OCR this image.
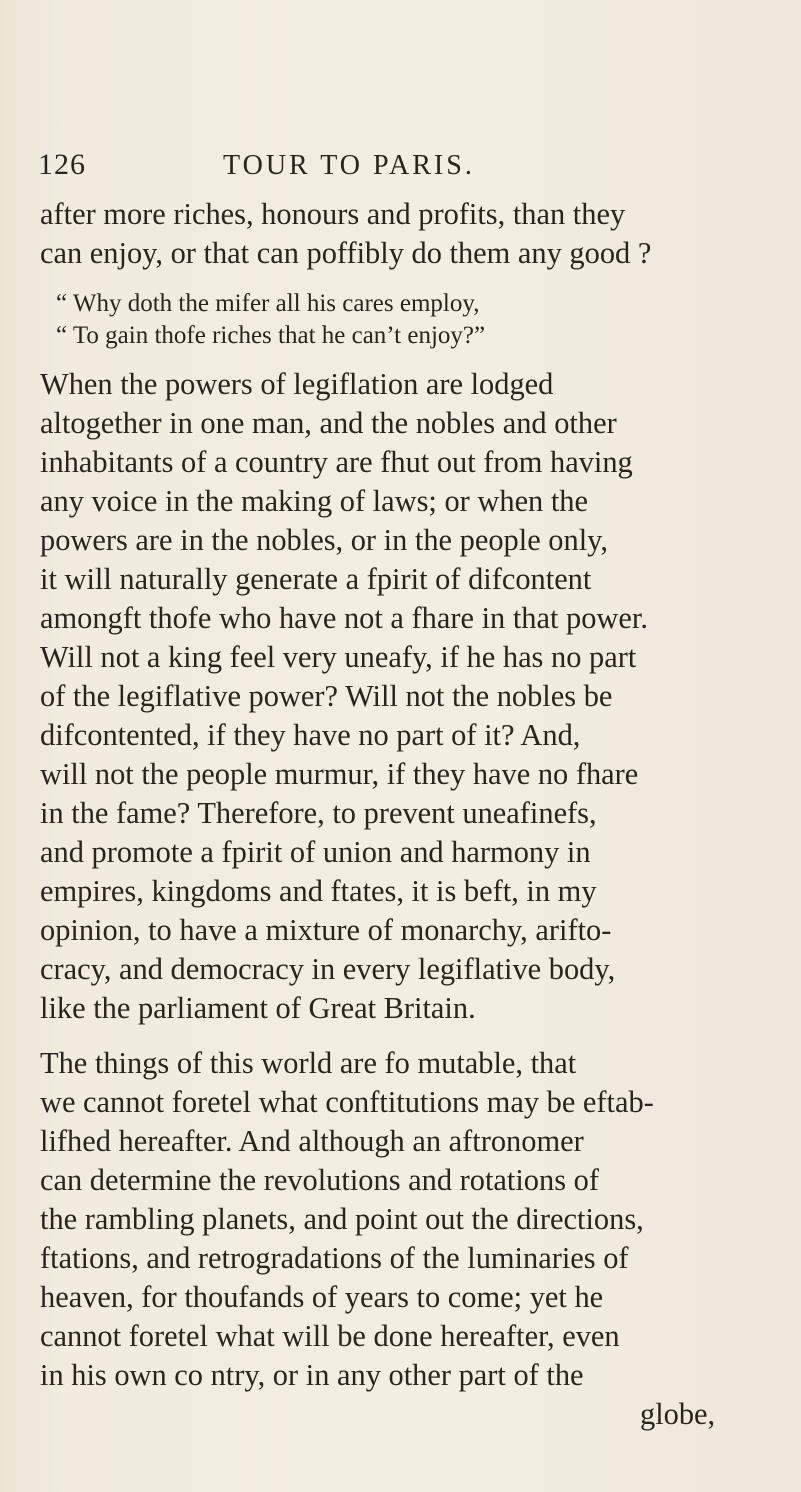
126	TOUR TO PARIS.
after more riches, honours and profits, than they
can enjoy, or that can poffibly do them any good ?
“ Why doth the mifer all his cares employ,
“ To gain thofe riches that he can’t enjoy?”
When the powers of legiflation are lodged
altogether in one man, and the nobles and other
inhabitants of a country are fhut out from having
any voice in the making of laws; or when the
powers are in the nobles, or in the people only,
it will naturally generate a fpirit of difcontent
amongft thofe who have not a fhare in that power.
Will not a king feel very uneafy, if he has no part
of the legiflative power? Will not the nobles be
difcontented, if they have no part of it? And,
will not the people murmur, if they have no fhare
in the fame? Therefore, to prevent uneafinefs,
and promote a fpirit of union and harmony in
empires, kingdoms and ftates, it is beft, in my
opinion, to have a mixture of monarchy, arifto-
cracy, and democracy in every legiflative body,
like the parliament of Great Britain.
The things of this world are fo mutable, that
we cannot foretel what conftitutions may be eftab-
lifhed hereafter. And although an aftronomer
can determine the revolutions and rotations of
the rambling planets, and point out the directions,
ftations, and retrogradations of the luminaries of
heaven, for thoufands of years to come; yet he
cannot foretel what will be done hereafter, even
in his own co ntry, or in any other part of the
globe,
